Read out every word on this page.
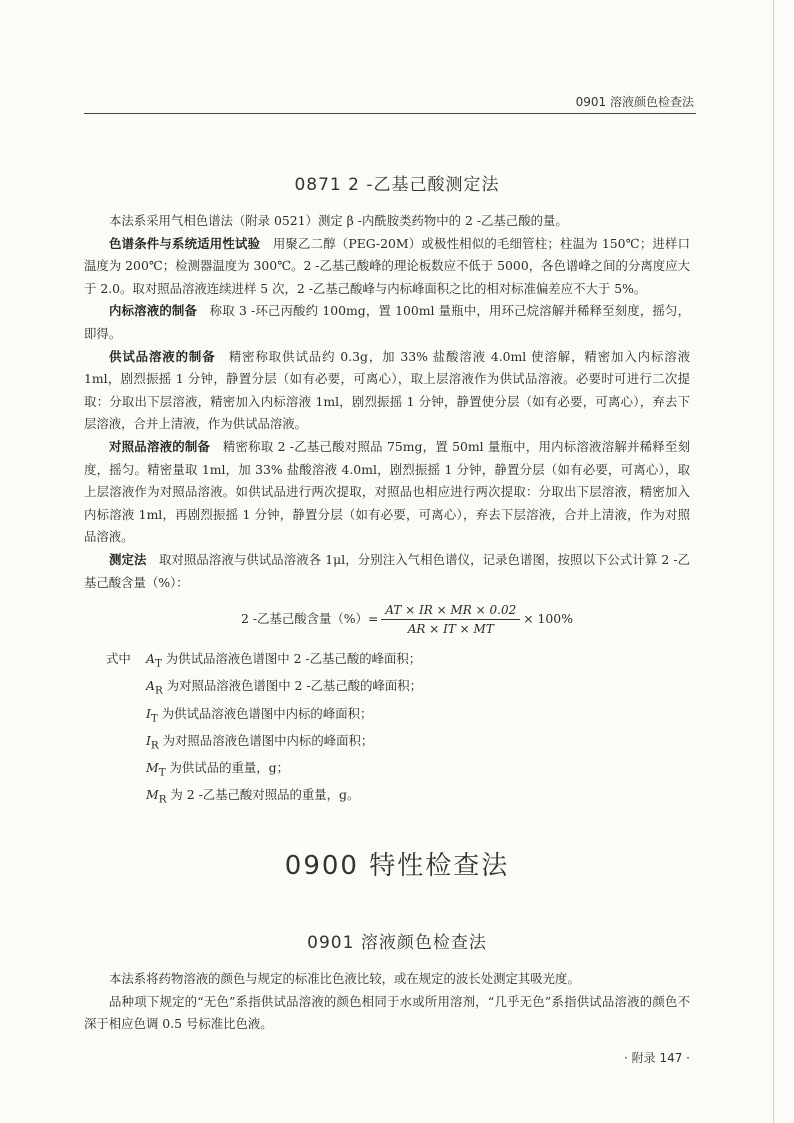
0901 溶液颜色检查法
0871 2 -乙基己酸测定法

本法系采用气相色谱法（附录 0521）测定 β -内酰胺类药物中的 2 -乙基己酸的量。

色谱条件与系统适用性试验　 用聚乙二醇（PEG-20M）或极性相似的毛细管柱；柱温为 150℃；进样口温度为 200℃；检测器温度为 300℃。2 -乙基己酸峰的理论板数应不低于 5000，各色谱峰之间的分离度应大于 2.0。取对照品溶液连续进样 5 次，2 -乙基己酸峰与内标峰面积之比的相对标准偏差应不大于 5%。

内标溶液的制备　 称取 3 -环己丙酸约 100mg，置 100ml 量瓶中，用环己烷溶解并稀释至刻度，摇匀，即得。

供试品溶液的制备　 精密称取供试品约 0.3g，加 33% 盐酸溶液 4.0ml 使溶解，精密加入内标溶液 1ml，剧烈振摇 1 分钟，静置分层（如有必要，可离心），取上层溶液作为供试品溶液。必要时可进行二次提取：分取出下层溶液，精密加入内标溶液 1ml，剧烈振摇 1 分钟，静置使分层（如有必要，可离心），弃去下层溶液，合并上清液，作为供试品溶液。

对照品溶液的制备　 精密称取 2 -乙基己酸对照品 75mg，置 50ml 量瓶中，用内标溶液溶解并稀释至刻度，摇匀。精密量取 1ml，加 33% 盐酸溶液 4.0ml，剧烈振摇 1 分钟，静置分层（如有必要，可离心），取上层溶液作为对照品溶液。如供试品进行两次提取，对照品也相应进行两次提取：分取出下层溶液，精密加入内标溶液 1ml，再剧烈振摇 1 分钟，静置分层（如有必要，可离心），弃去下层溶液，合并上清液，作为对照品溶液。

测定法　 取对照品溶液与供试品溶液各 1μl，分别注入气相色谱仪，记录色谱图，按照以下公式计算 2 -乙基己酸含量（%）：

2 -乙基己酸含量（%）= $\frac{AT \times IR \times MR \times 0.02}{AR \times IT \times MT} \times 100\%$
式中	$A_T$ 为供试品溶液色谱图中 2 -乙基己酸的峰面积；
$A_R$ 为对照品溶液色谱图中 2 -乙基己酸的峰面积；
$I_T$ 为供试品溶液色谱图中内标的峰面积；
$I_R$ 为对照品溶液色谱图中内标的峰面积；
$M_T$ 为供试品的重量，g；
$M_R$ 为 2 -乙基己酸对照品的重量，g。
0900 特性检查法
0901 溶液颜色检查法

本法系将药物溶液的颜色与规定的标准比色液比较，或在规定的波长处测定其吸光度。

品种项下规定的“无色”系指供试品溶液的颜色相同于水或所用溶剂，“几乎无色”系指供试品溶液的颜色不深于相应色调 0.5 号标准比色液。

· 附录 147 ·
